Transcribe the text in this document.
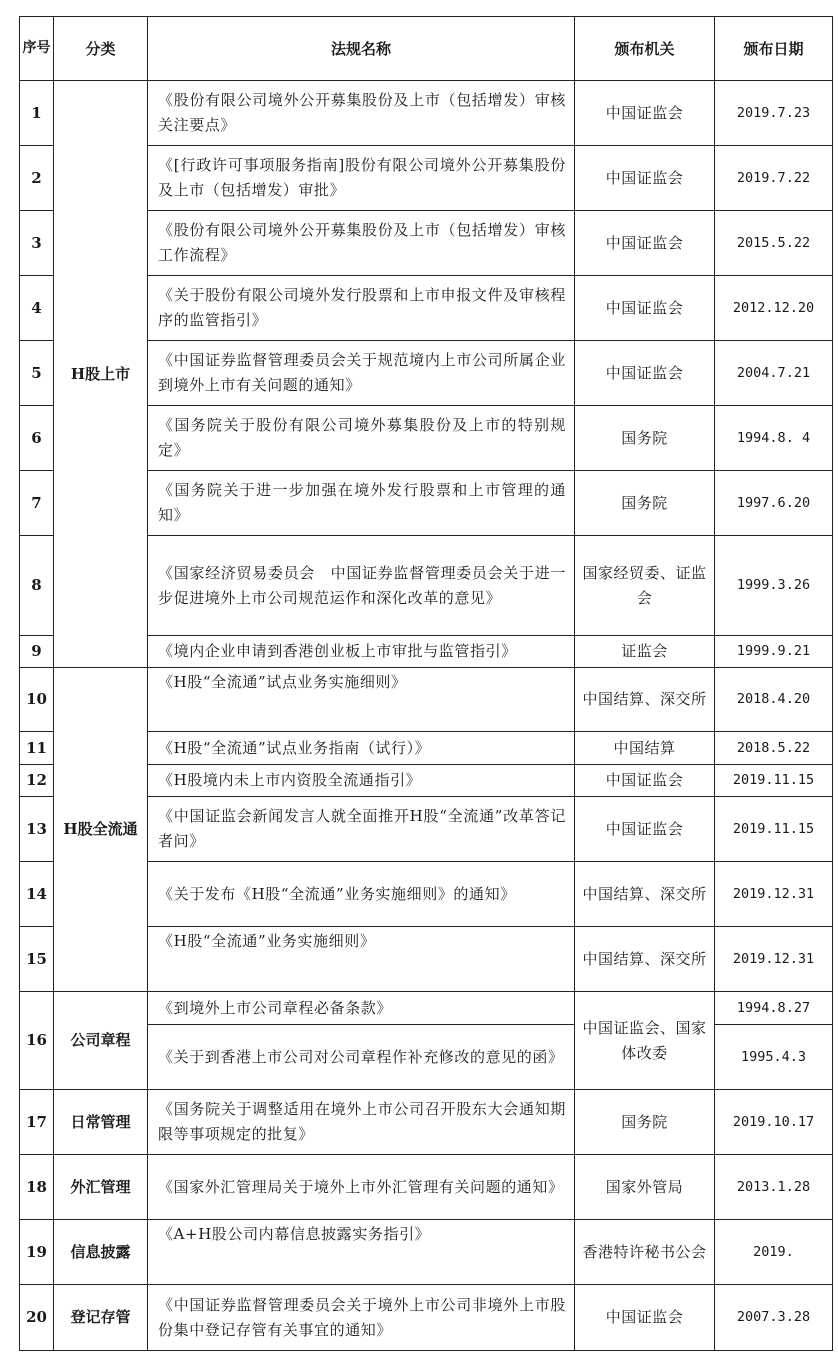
序号	分类	法规名称	颁布机关	颁布日期
1	H股上市	《股份有限公司境外公开募集股份及上市（包括增发）审核关注要点》	中国证监会	2019.7.23
2		《[行政许可事项服务指南]股份有限公司境外公开募集股份及上市（包括增发）审批》	中国证监会	2019.7.22
3		《股份有限公司境外公开募集股份及上市（包括增发）审核工作流程》	中国证监会	2015.5.22
4		《关于股份有限公司境外发行股票和上市申报文件及审核程序的监管指引》	中国证监会	2012.12.20
5		《中国证券监督管理委员会关于规范境内上市公司所属企业到境外上市有关问题的通知》	中国证监会	2004.7.21
6		《国务院关于股份有限公司境外募集股份及上市的特别规定》	国务院	1994.8. 4
7		《国务院关于进一步加强在境外发行股票和上市管理的通知》	国务院	1997.6.20
8		《国家经济贸易委员会　中国证券监督管理委员会关于进一步促进境外上市公司规范运作和深化改革的意见》	国家经贸委、证监会	1999.3.26
9		《境内企业申请到香港创业板上市审批与监管指引》	证监会	1999.9.21
10	H股全流通	《H股“全流通”试点业务实施细则》	中国结算、深交所	2018.4.20
11		《H股“全流通”试点业务指南（试行）》	中国结算	2018.5.22
12		《H股境内未上市内资股全流通指引》	中国证监会	2019.11.15
13		《中国证监会新闻发言人就全面推开H股“全流通”改革答记者问》	中国证监会	2019.11.15
14		《关于发布《H股“全流通”业务实施细则》的通知》	中国结算、深交所	2019.12.31
15		《H股“全流通”业务实施细则》	中国结算、深交所	2019.12.31
16	公司章程	《到境外上市公司章程必备条款》	中国证监会、国家体改委	1994.8.27
		《关于到香港上市公司对公司章程作补充修改的意见的函》		1995.4.3
17	日常管理	《国务院关于调整适用在境外上市公司召开股东大会通知期限等事项规定的批复》	国务院	2019.10.17
18	外汇管理	《国家外汇管理局关于境外上市外汇管理有关问题的通知》	国家外管局	2013.1.28
19	信息披露	《A+H股公司内幕信息披露实务指引》	香港特许秘书公会	2019.
20	登记存管	《中国证券监督管理委员会关于境外上市公司非境外上市股份集中登记存管有关事宜的通知》	中国证监会	2007.3.28
